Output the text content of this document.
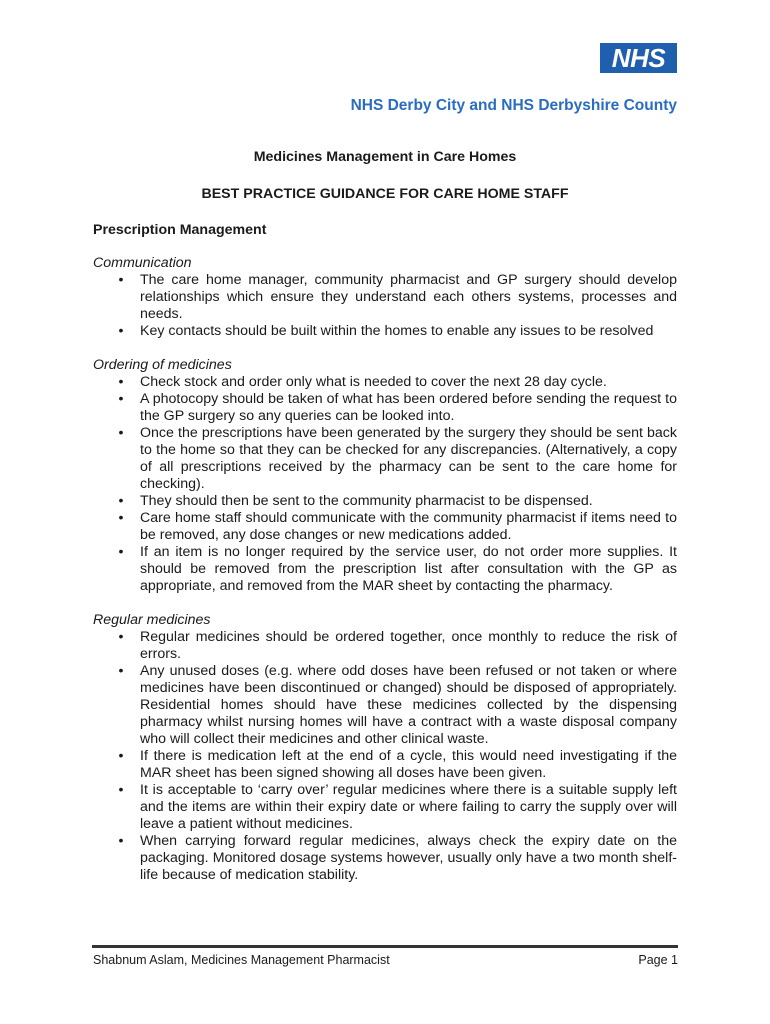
NHS
NHS Derby City and NHS Derbyshire County
Medicines Management in Care Homes
BEST PRACTICE GUIDANCE FOR CARE HOME STAFF
Prescription Management
Communication
• The care home manager, community pharmacist and GP surgery should develop relationships which ensure they understand each others systems, processes and needs.
• Key contacts should be built within the homes to enable any issues to be resolved
Ordering of medicines
• Check stock and order only what is needed to cover the next 28 day cycle.
• A photocopy should be taken of what has been ordered before sending the request to the GP surgery so any queries can be looked into.
• Once the prescriptions have been generated by the surgery they should be sent back to the home so that they can be checked for any discrepancies. (Alternatively, a copy of all prescriptions received by the pharmacy can be sent to the care home for checking).
• They should then be sent to the community pharmacist to be dispensed.
• Care home staff should communicate with the community pharmacist if items need to be removed, any dose changes or new medications added.
• If an item is no longer required by the service user, do not order more supplies. It should be removed from the prescription list after consultation with the GP as appropriate, and removed from the MAR sheet by contacting the pharmacy.
Regular medicines
• Regular medicines should be ordered together, once monthly to reduce the risk of errors.
• Any unused doses (e.g. where odd doses have been refused or not taken or where medicines have been discontinued or changed) should be disposed of appropriately. Residential homes should have these medicines collected by the dispensing pharmacy whilst nursing homes will have a contract with a waste disposal company who will collect their medicines and other clinical waste.
• If there is medication left at the end of a cycle, this would need investigating if the MAR sheet has been signed showing all doses have been given.
• It is acceptable to ‘carry over’ regular medicines where there is a suitable supply left and the items are within their expiry date or where failing to carry the supply over will leave a patient without medicines.
• When carrying forward regular medicines, always check the expiry date on the packaging. Monitored dosage systems however, usually only have a two month shelf-life because of medication stability.
Shabnum Aslam, Medicines Management Pharmacist	Page 1
